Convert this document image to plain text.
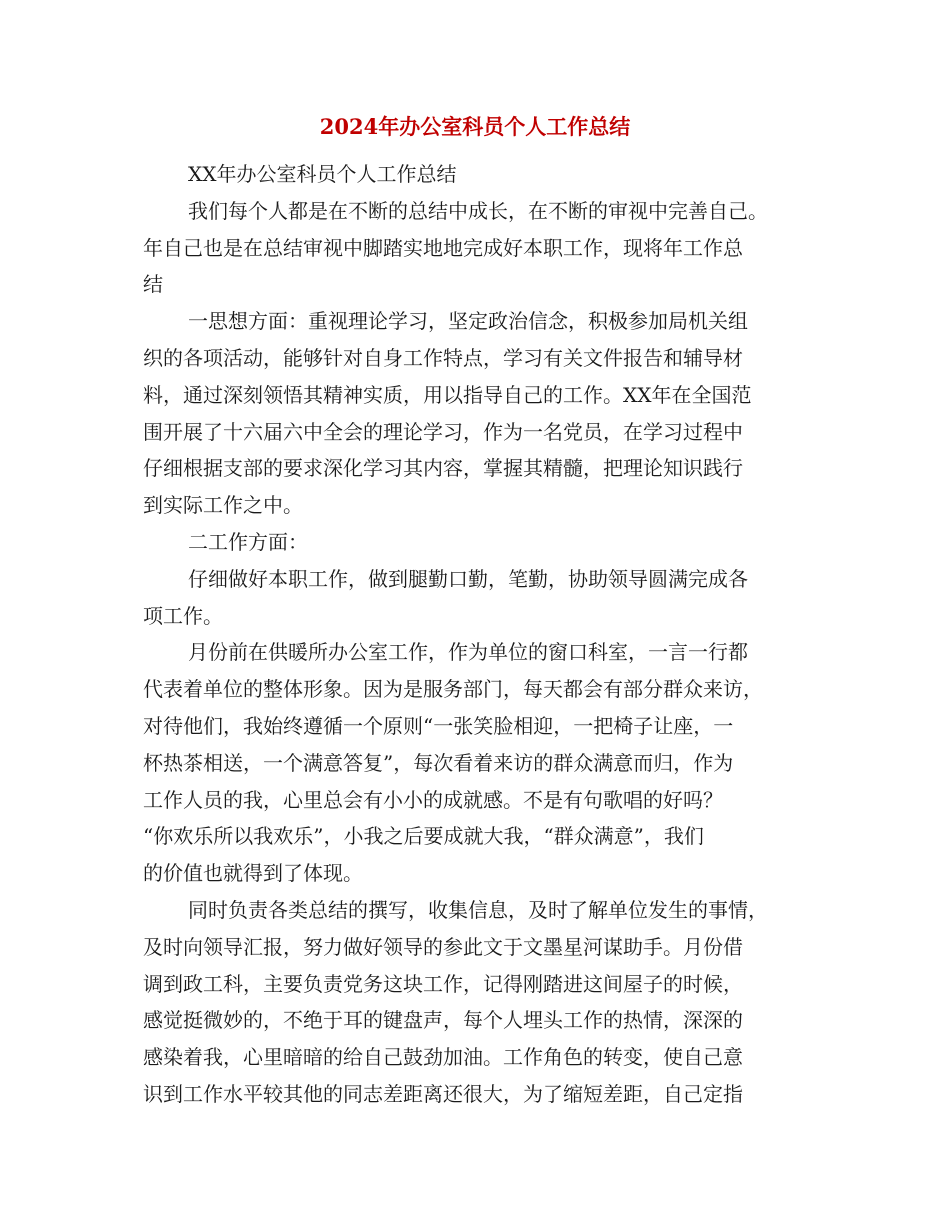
2024年办公室科员个人工作总结
XX年办公室科员个人工作总结
我们每个人都是在不断的总结中成长，在不断的审视中完善自己。
年自己也是在总结审视中脚踏实地地完成好本职工作，现将年工作总
结
一思想方面：重视理论学习，坚定政治信念，积极参加局机关组
织的各项活动，能够针对自身工作特点，学习有关文件报告和辅导材
料，通过深刻领悟其精神实质，用以指导自己的工作。XX年在全国范
围开展了十六届六中全会的理论学习，作为一名党员，在学习过程中
仔细根据支部的要求深化学习其内容，掌握其精髓，把理论知识践行
到实际工作之中。
二工作方面：
仔细做好本职工作，做到腿勤口勤，笔勤，协助领导圆满完成各
项工作。
月份前在供暖所办公室工作，作为单位的窗口科室，一言一行都
代表着单位的整体形象。因为是服务部门，每天都会有部分群众来访，
对待他们，我始终遵循一个原则“一张笑脸相迎，一把椅子让座，一
杯热茶相送，一个满意答复”，每次看着来访的群众满意而归，作为
工作人员的我，心里总会有小小的成就感。不是有句歌唱的好吗？
“你欢乐所以我欢乐”，小我之后要成就大我，“群众满意”，我们
的价值也就得到了体现。
同时负责各类总结的撰写，收集信息，及时了解单位发生的事情，
及时向领导汇报，努力做好领导的参此文于文墨星河谋助手。月份借
调到政工科，主要负责党务这块工作，记得刚踏进这间屋子的时候，
感觉挺微妙的，不绝于耳的键盘声，每个人埋头工作的热情，深深的
感染着我，心里暗暗的给自己鼓劲加油。工作角色的转变，使自己意
识到工作水平较其他的同志差距离还很大，为了缩短差距，自己定指
